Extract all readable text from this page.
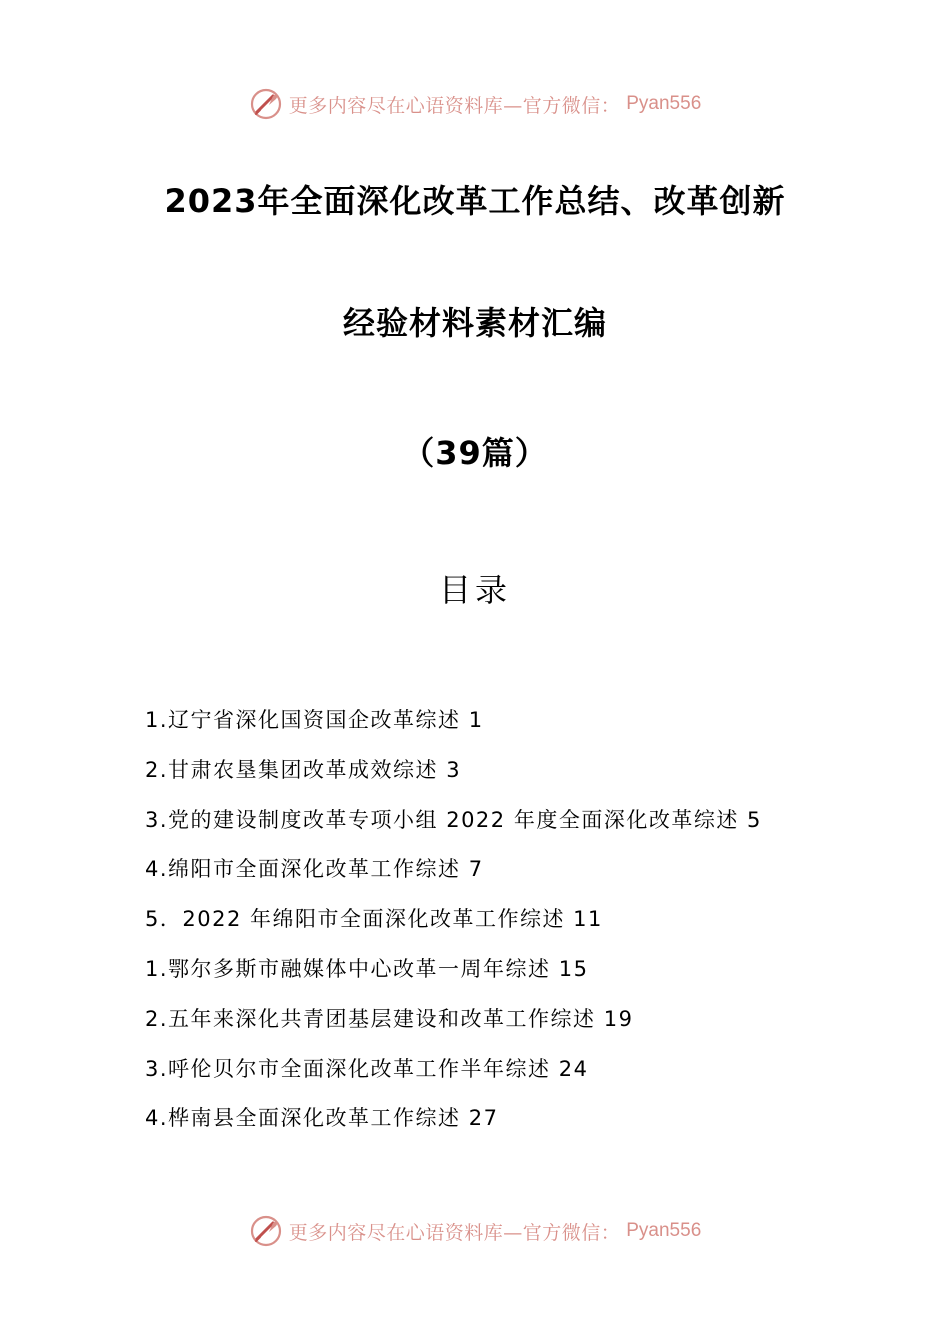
更多内容尽在心语资料库—官方微信： Pyan556
2023年全面深化改革工作总结、改革创新
经验材料素材汇编
（39篇）
目录
1.辽宁省深化国资国企改革综述 1
2.甘肃农垦集团改革成效综述 3
3.党的建设制度改革专项小组 2022 年度全面深化改革综述 5
4.绵阳市全面深化改革工作综述 7
5．2022 年绵阳市全面深化改革工作综述 11
1.鄂尔多斯市融媒体中心改革一周年综述 15
2.五年来深化共青团基层建设和改革工作综述 19
3.呼伦贝尔市全面深化改革工作半年综述 24
4.桦南县全面深化改革工作综述 27
更多内容尽在心语资料库—官方微信： Pyan556
